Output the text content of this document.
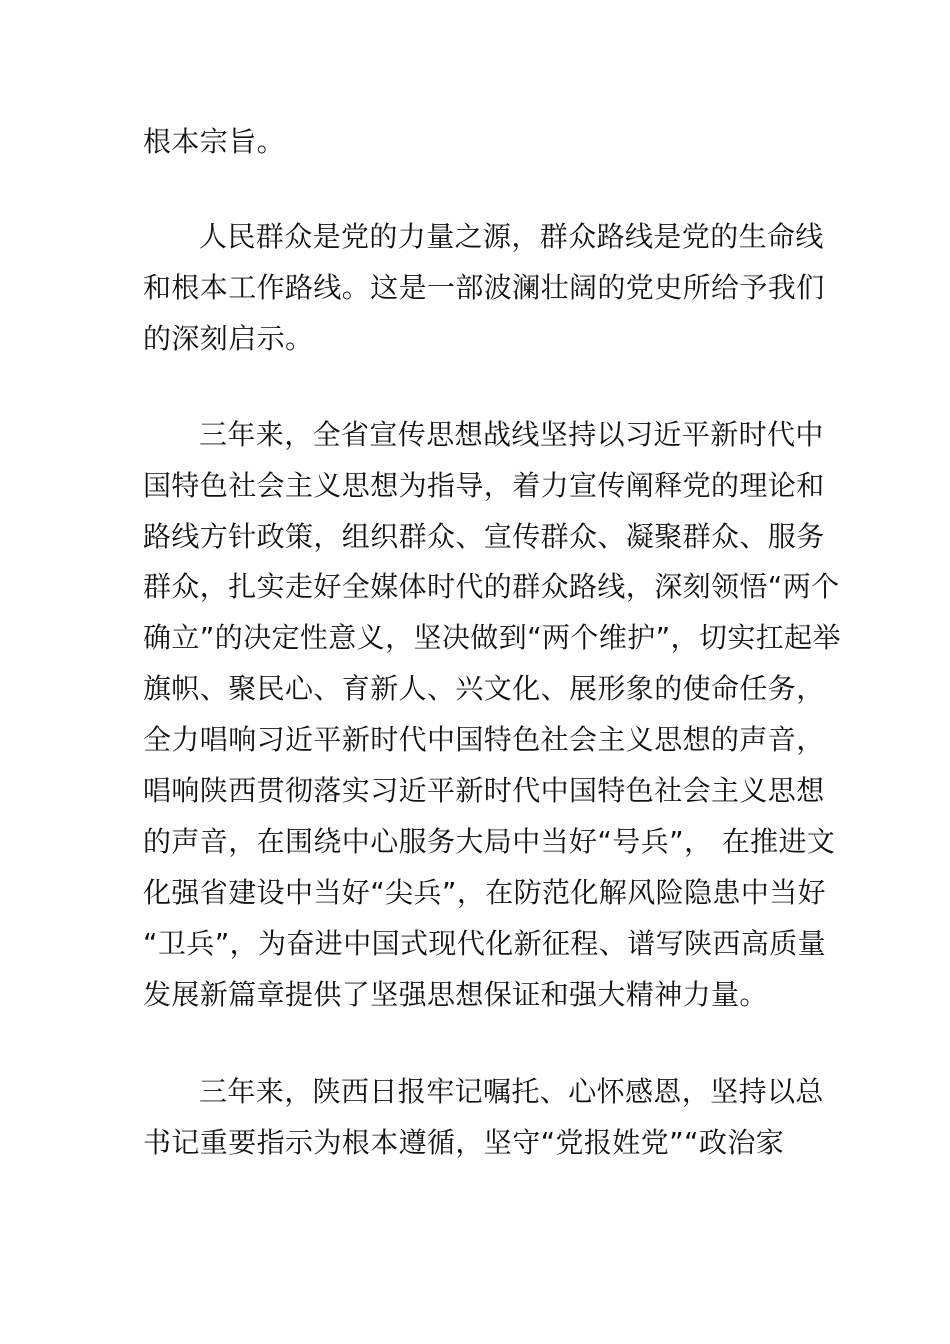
根本宗旨。
人民群众是党的力量之源，群众路线是党的生命线
和根本工作路线。这是一部波澜壮阔的党史所给予我们
的深刻启示。
三年来，全省宣传思想战线坚持以习近平新时代中
国特色社会主义思想为指导，着力宣传阐释党的理论和
路线方针政策，组织群众、宣传群众、凝聚群众、服务
群众，扎实走好全媒体时代的群众路线，深刻领悟“两个
确立”的决定性意义，坚决做到“两个维护”，切实扛起举
旗帜、聚民心、育新人、兴文化、展形象的使命任务，
全力唱响习近平新时代中国特色社会主义思想的声音，
唱响陕西贯彻落实习近平新时代中国特色社会主义思想
的声音，在围绕中心服务大局中当好“号兵”， 在推进文
化强省建设中当好“尖兵”，在防范化解风险隐患中当好
“卫兵”，为奋进中国式现代化新征程、谱写陕西高质量
发展新篇章提供了坚强思想保证和强大精神力量。
三年来，陕西日报牢记嘱托、心怀感恩，坚持以总
书记重要指示为根本遵循，坚守“党报姓党”“政治家
